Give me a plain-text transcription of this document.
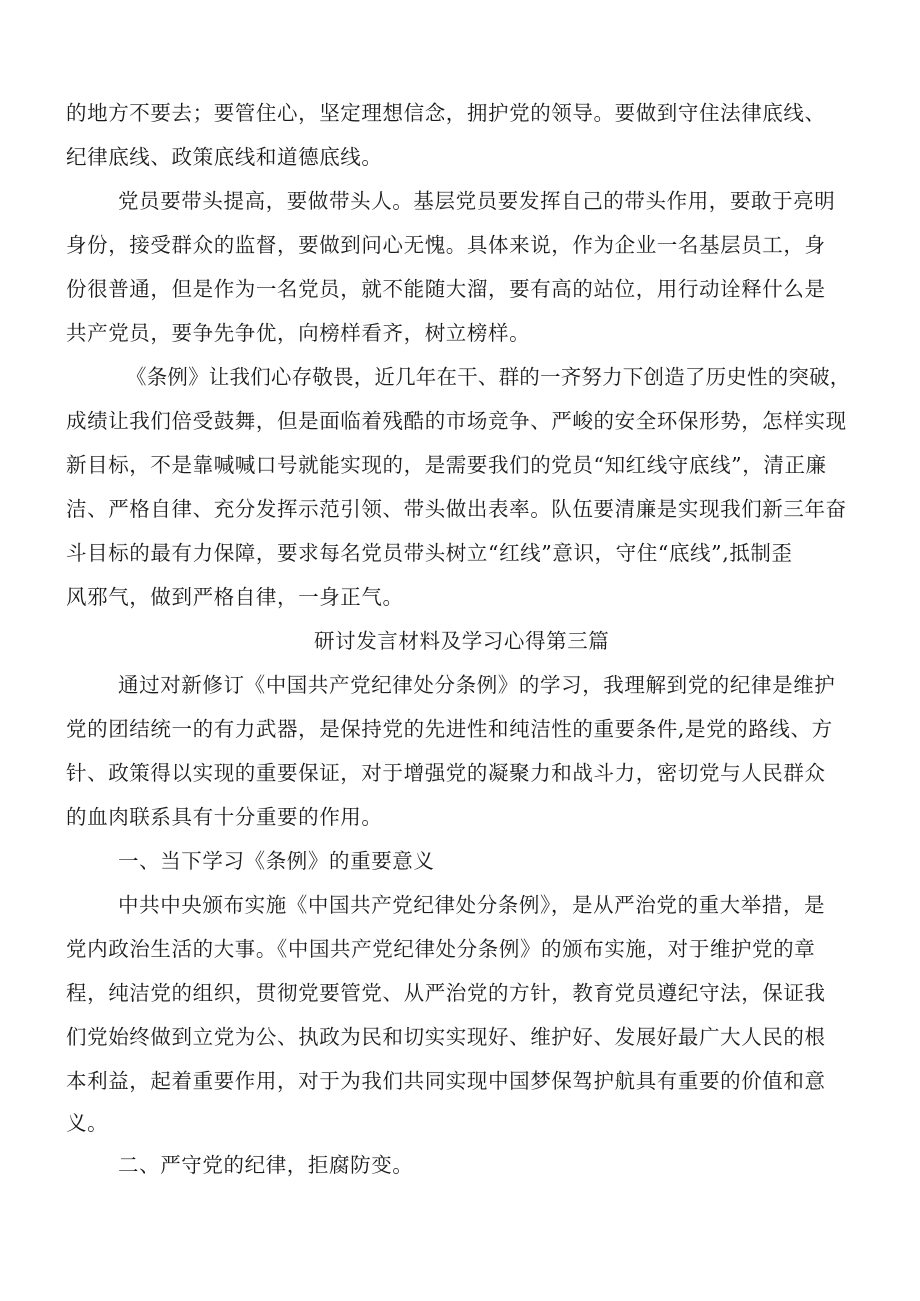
的地方不要去；要管住心，坚定理想信念，拥护党的领导。要做到守住法律底线、
纪律底线、政策底线和道德底线。
党员要带头提高，要做带头人。基层党员要发挥自己的带头作用，要敢于亮明
身份，接受群众的监督，要做到问心无愧。具体来说，作为企业一名基层员工，身
份很普通，但是作为一名党员，就不能随大溜，要有高的站位，用行动诠释什么是
共产党员，要争先争优，向榜样看齐，树立榜样。
《条例》让我们心存敬畏，近几年在干、群的一齐努力下创造了历史性的突破，
成绩让我们倍受鼓舞，但是面临着残酷的市场竞争、严峻的安全环保形势，怎样实现
新目标，不是靠喊喊口号就能实现的，是需要我们的党员“知红线守底线”，清正廉
洁、严格自律、充分发挥示范引领、带头做出表率。队伍要清廉是实现我们新三年奋
斗目标的最有力保障，要求每名党员带头树立“红线”意识，守住“底线”,抵制歪
风邪气，做到严格自律，一身正气。
研讨发言材料及学习心得第三篇
通过对新修订《中国共产党纪律处分条例》的学习，我理解到党的纪律是维护
党的团结统一的有力武器，是保持党的先进性和纯洁性的重要条件,是党的路线、方
针、政策得以实现的重要保证，对于增强党的凝聚力和战斗力，密切党与人民群众
的血肉联系具有十分重要的作用。
一、当下学习《条例》的重要意义
中共中央颁布实施《中国共产党纪律处分条例》，是从严治党的重大举措，是
党内政治生活的大事。《中国共产党纪律处分条例》的颁布实施，对于维护党的章
程，纯洁党的组织，贯彻党要管党、从严治党的方针，教育党员遵纪守法，保证我
们党始终做到立党为公、执政为民和切实实现好、维护好、发展好最广大人民的根
本利益，起着重要作用，对于为我们共同实现中国梦保驾护航具有重要的价值和意
义。
二、严守党的纪律，拒腐防变。
